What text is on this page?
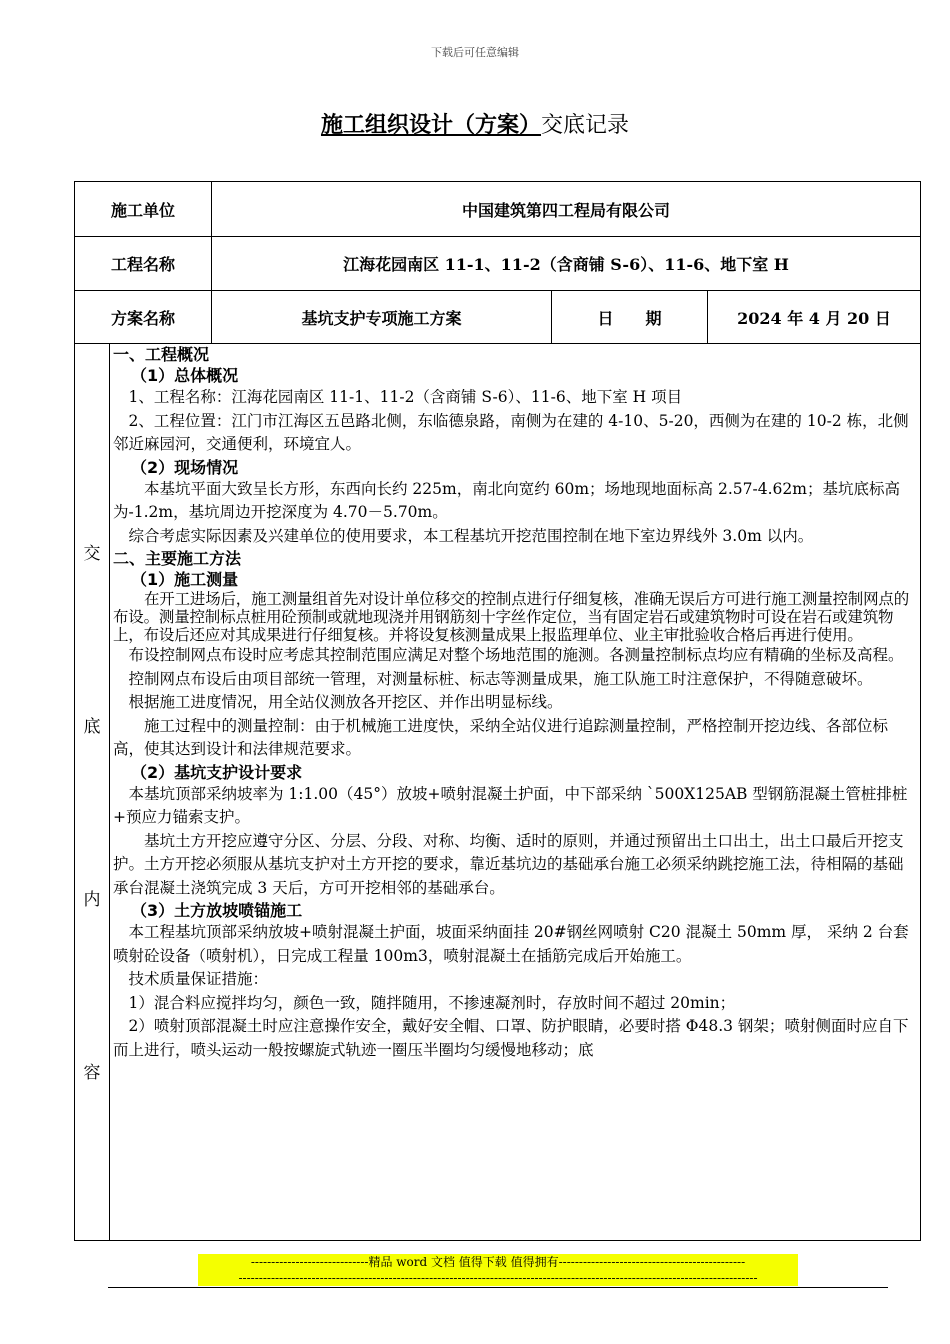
下载后可任意编辑
施工组织设计（方案）交底记录
施工单位	中国建筑第四工程局有限公司
工程名称	江海花园南区 11-1、11-2（含商铺 S-6）、11-6、地下室 H
方案名称	基坑支护专项施工方案	日　　期	2024 年 4 月 20 日
交
底
内
容

一、工程概况

（1）总体概况

1、工程名称：江海花园南区 11-1、11-2（含商铺 S-6）、11-6、地下室 H 项目

2、工程位置：江门市江海区五邑路北侧，东临德泉路，南侧为在建的 4-10、5-20，西侧为在建的 10-2 栋，北侧邻近麻园河，交通便利，环境宜人。

（2）现场情况

本基坑平面大致呈长方形，东西向长约 225m，南北向宽约 60m；场地现地面标高 2.57-4.62m；基坑底标高为-1.2m，基坑周边开挖深度为 4.70－5.70m。

综合考虑实际因素及兴建单位的使用要求，本工程基坑开挖范围控制在地下室边界线外 3.0m 以内。

二、主要施工方法

（1）施工测量

在开工进场后，施工测量组首先对设计单位移交的控制点进行仔细复核，准确无误后方可进行施工测量控制网点的布设。测量控制标点桩用砼预制或就地现浇并用钢筋刻十字丝作定位，当有固定岩石或建筑物时可设在岩石或建筑物上，布设后还应对其成果进行仔细复核。并将设复核测量成果上报监理单位、业主审批验收合格后再进行使用。

布设控制网点布设时应考虑其控制范围应满足对整个场地范围的施测。各测量控制标点均应有精确的坐标及高程。

控制网点布设后由项目部统一管理，对测量标桩、标志等测量成果，施工队施工时注意保护，不得随意破坏。

根据施工进度情况，用全站仪测放各开挖区、并作出明显标线。

施工过程中的测量控制：由于机械施工进度快，采纳全站仪进行追踪测量控制，严格控制开挖边线、各部位标高，使其达到设计和法律规范要求。

（2）基坑支护设计要求

本基坑顶部采纳坡率为 1:1.00（45°）放坡+喷射混凝土护面，中下部采纳 `500X125AB 型钢筋混凝土管桩排桩+预应力锚索支护。

基坑土方开挖应遵守分区、分层、分段、对称、均衡、适时的原则，并通过预留出土口出土，出土口最后开挖支护。土方开挖必须服从基坑支护对土方开挖的要求，靠近基坑边的基础承台施工必须采纳跳挖施工法，待相隔的基础承台混凝土浇筑完成 3 天后，方可开挖相邻的基础承台。

（3）土方放坡喷锚施工

本工程基坑顶部采纳放坡+喷射混凝土护面，坡面采纳面挂 20#钢丝网喷射 C20 混凝土 50mm 厚， 采纳 2 台套喷射砼设备（喷射机），日完成工程量 100m3，喷射混凝土在插筋完成后开始施工。

技术质量保证措施：

1）混合料应搅拌均匀，颜色一致，随拌随用，不掺速凝剂时，存放时间不超过 20min；

2）喷射顶部混凝土时应注意操作安全，戴好安全帽、口罩、防护眼睛，必要时搭 Φ48.3 钢架；喷射侧面时应自下而上进行，喷头运动一般按螺旋式轨迹一圈压半圈均匀缓慢地移动；底

-----------------------------精品 word 文档 值得下载 值得拥有----------------------------------------------
--------------------------------------------------------------------------------------------------------------------------------
